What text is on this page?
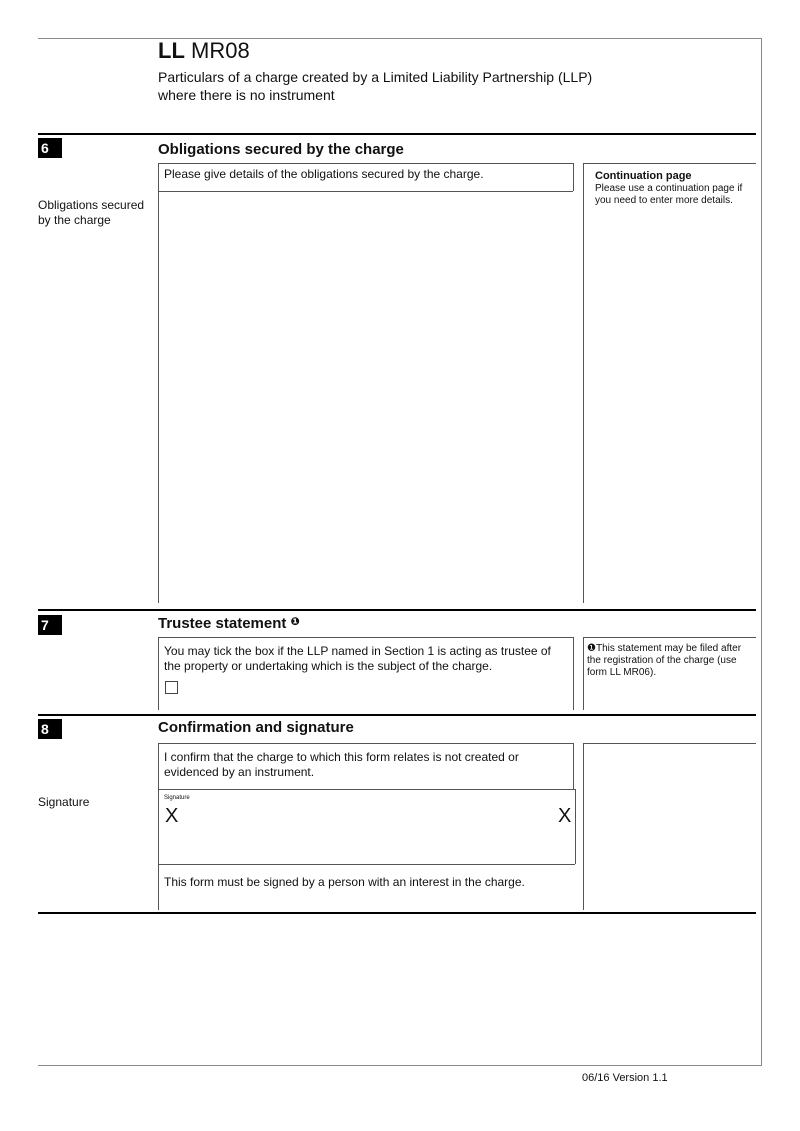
LL MR08
Particulars of a charge created by a Limited Liability Partnership (LLP)
where there is no instrument
6	Obligations secured by the charge
Please give details of the obligations secured by the charge.
Obligations secured by the charge
Continuation page
Please use a continuation page if you need to enter more details.
7	Trustee statement $^❶$
You may tick the box if the LLP named in Section 1 is acting as trustee of the property or undertaking which is the subject of the charge.
❶This statement may be filed after the registration of the charge (use form LL MR06).
8	Confirmation and signature
I confirm that the charge to which this form relates is not created or evidenced by an instrument.
Signature	Signature
X	X
This form must be signed by a person with an interest in the charge.
06/16 Version 1.1
